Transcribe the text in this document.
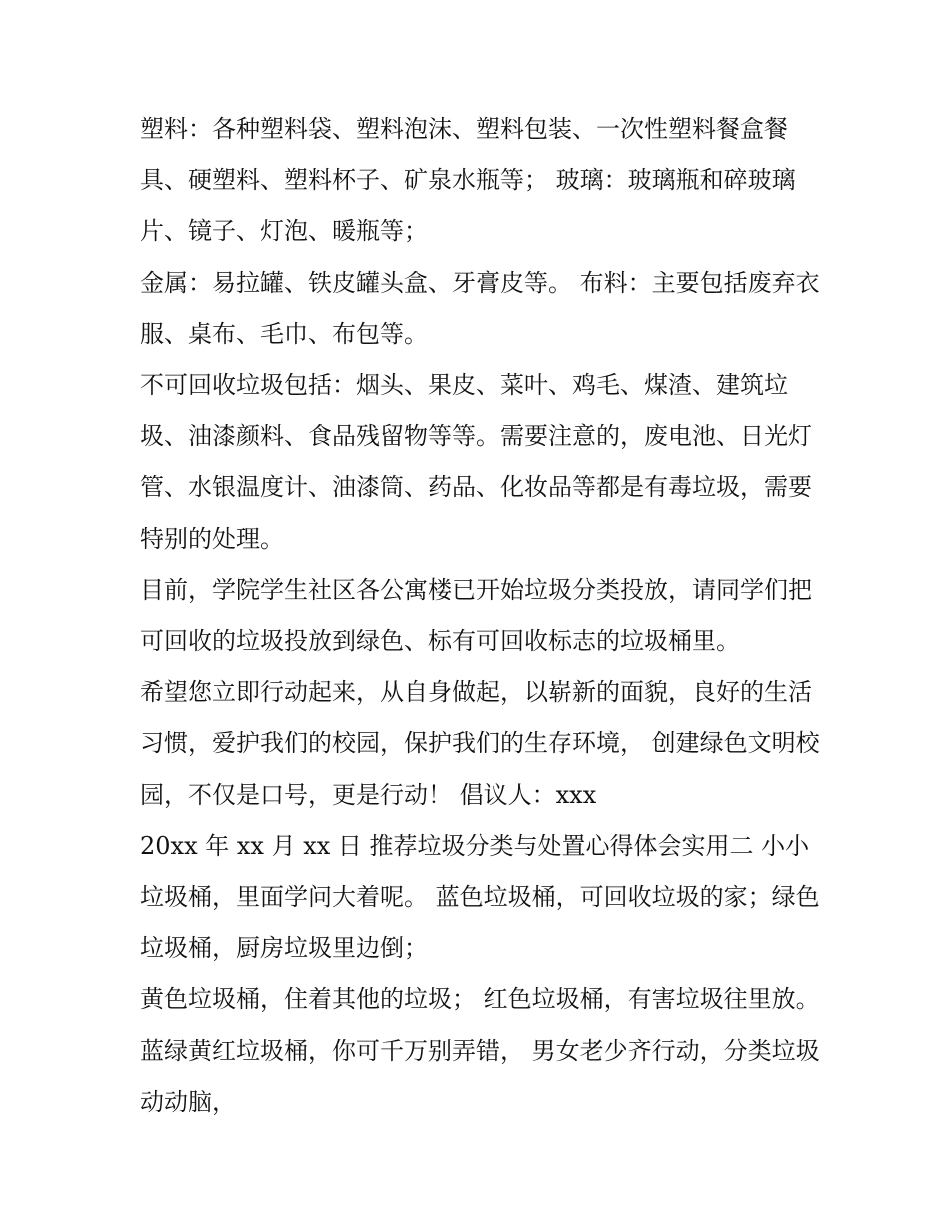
塑料：各种塑料袋、塑料泡沫、塑料包装、一次性塑料餐盒餐具、硬塑料、塑料杯子、矿泉水瓶等； 玻璃：玻璃瓶和碎玻璃片、镜子、灯泡、暖瓶等；

金属：易拉罐、铁皮罐头盒、牙膏皮等。 布料：主要包括废弃衣服、桌布、毛巾、布包等。

不可回收垃圾包括：烟头、果皮、菜叶、鸡毛、煤渣、建筑垃圾、油漆颜料、食品残留物等等。需要注意的，废电池、日光灯管、水银温度计、油漆筒、药品、化妆品等都是有毒垃圾，需要特别的处理。

目前，学院学生社区各公寓楼已开始垃圾分类投放，请同学们把可回收的垃圾投放到绿色、标有可回收标志的垃圾桶里。

希望您立即行动起来，从自身做起，以崭新的面貌，良好的生活习惯，爱护我们的校园，保护我们的生存环境， 创建绿色文明校园，不仅是口号，更是行动！ 倡议人：xxx

20xx 年 xx 月 xx 日 推荐垃圾分类与处置心得体会实用二 小小垃圾桶，里面学问大着呢。 蓝色垃圾桶，可回收垃圾的家；绿色垃圾桶，厨房垃圾里边倒；

黄色垃圾桶，住着其他的垃圾； 红色垃圾桶，有害垃圾往里放。 蓝绿黄红垃圾桶，你可千万别弄错， 男女老少齐行动，分类垃圾动动脑，
